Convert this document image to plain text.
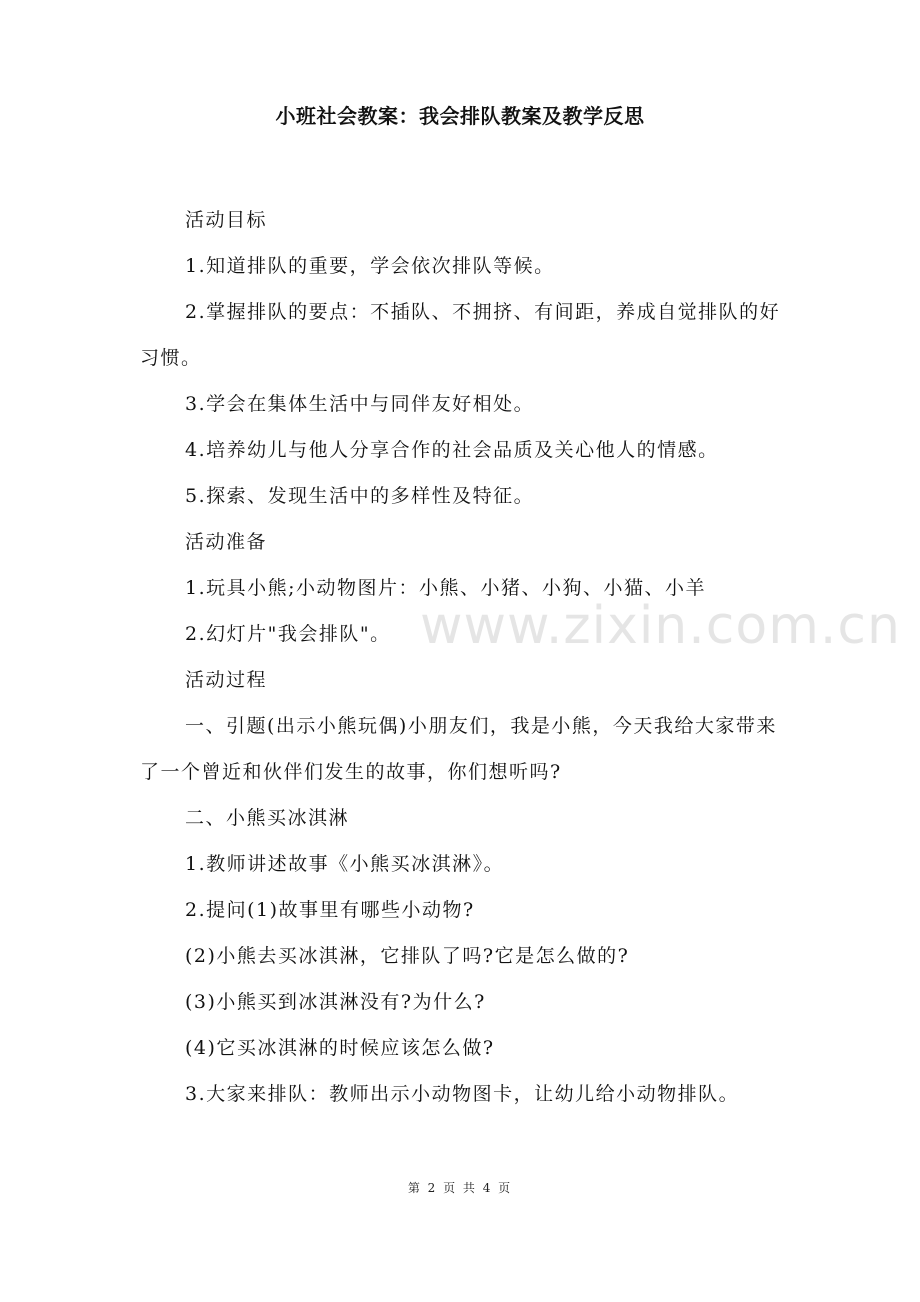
小班社会教案：我会排队教案及教学反思

活动目标

1.知道排队的重要，学会依次排队等候。

2.掌握排队的要点：不插队、不拥挤、有间距，养成自觉排队的好习惯。

3.学会在集体生活中与同伴友好相处。

4.培养幼儿与他人分享合作的社会品质及关心他人的情感。

5.探索、发现生活中的多样性及特征。

活动准备

1.玩具小熊;小动物图片：小熊、小猪、小狗、小猫、小羊

2.幻灯片"我会排队"。

活动过程

一、引题(出示小熊玩偶)小朋友们，我是小熊，今天我给大家带来了一个曾近和伙伴们发生的故事，你们想听吗?

二、小熊买冰淇淋

1.教师讲述故事《小熊买冰淇淋》。

2.提问(1)故事里有哪些小动物?

(2)小熊去买冰淇淋，它排队了吗?它是怎么做的?

(3)小熊买到冰淇淋没有?为什么?

(4)它买冰淇淋的时候应该怎么做?

3.大家来排队：教师出示小动物图卡，让幼儿给小动物排队。

www.zixin.com.cn
第 2 页 共 4 页
